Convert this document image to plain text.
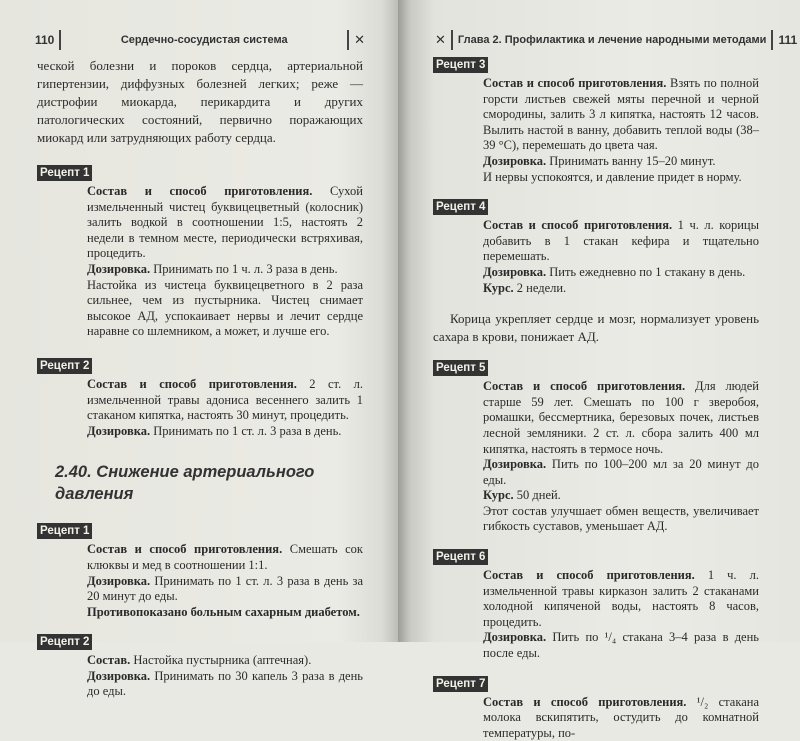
110	Сердечно-сосудистая система	✕

ческой болезни и пороков сердца, артериальной гипертензии, диффузных болезней легких; реже — дистрофии миокарда, перикардита и других патологических состояний, первично поражающих миокард или затрудняющих работу сердца.

Рецепт 1

Состав и способ приготовления. Сухой измельченный чистец буквицецветный (колосник) залить водкой в соотношении 1:5, настоять 2 недели в темном месте, периодически встряхивая, процедить.

Дозировка. Принимать по 1 ч. л. 3 раза в день.

Настойка из чистеца буквицецветного в 2 раза сильнее, чем из пустырника. Чистец снимает высокое АД, успокаивает нервы и лечит сердце наравне со шлемником, а может, и лучше его.

Рецепт 2

Состав и способ приготовления. 2 ст. л. измельченной травы адониса весеннего залить 1 стаканом кипятка, настоять 30 минут, процедить.

Дозировка. Принимать по 1 ст. л. 3 раза в день.

2.40. Снижение артериального давления
Рецепт 1

Состав и способ приготовления. Смешать сок клюквы и мед в соотношении 1:1.

Дозировка. Принимать по 1 ст. л. 3 раза в день за 20 минут до еды.

Противопоказано больным сахарным диабетом.

Рецепт 2

Состав. Настойка пустырника (аптечная).

Дозировка. Принимать по 30 капель 3 раза в день до еды.

✕ Глава 2. Профилактика и лечение народными методами 111
Рецепт 3

Состав и способ приготовления. Взять по полной горсти листьев свежей мяты перечной и черной смородины, залить 3 л кипятка, настоять 12 часов. Вылить настой в ванну, добавить теплой воды (38–39 °С), перемешать до цвета чая.

Дозировка. Принимать ванну 15–20 минут.

И нервы успокоятся, и давление придет в норму.

Рецепт 4

Состав и способ приготовления. 1 ч. л. корицы добавить в 1 стакан кефира и тщательно перемешать.

Дозировка. Пить ежедневно по 1 стакану в день.

Курс. 2 недели.

Корица укрепляет сердце и мозг, нормализует уровень сахара в крови, понижает АД.

Рецепт 5

Состав и способ приготовления. Для людей старше 59 лет. Смешать по 100 г зверобоя, ромашки, бессмертника, березовых почек, листьев лесной земляники. 2 ст. л. сбора залить 400 мл кипятка, настоять в термосе ночь.

Дозировка. Пить по 100–200 мл за 20 минут до еды.

Курс. 50 дней.

Этот состав улучшает обмен веществ, увеличивает гибкость суставов, уменьшает АД.

Рецепт 6

Состав и способ приготовления. 1 ч. л. измельченной травы кирказон залить 2 стаканами холодной кипяченой воды, настоять 8 часов, процедить.

Дозировка. Пить по ¹/₄ стакана 3–4 раза в день после еды.

Рецепт 7

Состав и способ приготовления. ¹/₂ стакана молока вскипятить, остудить до комнатной температуры, по-
